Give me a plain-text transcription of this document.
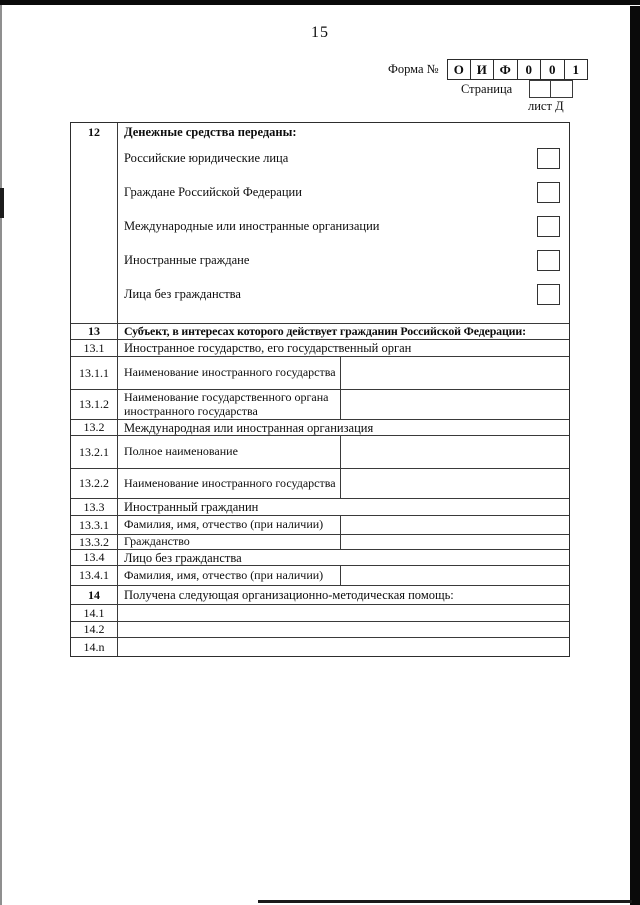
15
Форма №	О И Ф	0	0	1
Страница
лист Д
12	Денежные средства переданы:
Российские юридические лица
Граждане Российской Федерации
Международные или иностранные организации
Иностранные граждане
Лица без гражданства
13	Субъект, в интересах которого действует гражданин Российской Федерации:
13.1	Иностранное государство, его государственный орган
13.1.1	Наименование иностранного государства
13.1.2	Наименование государственного органа иностранного государства
13.2	Международная или иностранная организация
13.2.1	Полное наименование
13.2.2	Наименование иностранного государства
13.3	Иностранный гражданин
13.3.1	Фамилия, имя, отчество (при наличии)
13.3.2	Гражданство
13.4	Лицо без гражданства
13.4.1	Фамилия, имя, отчество (при наличии)
14	Получена следующая организационно-методическая помощь:
14.1
14.2
14.n
